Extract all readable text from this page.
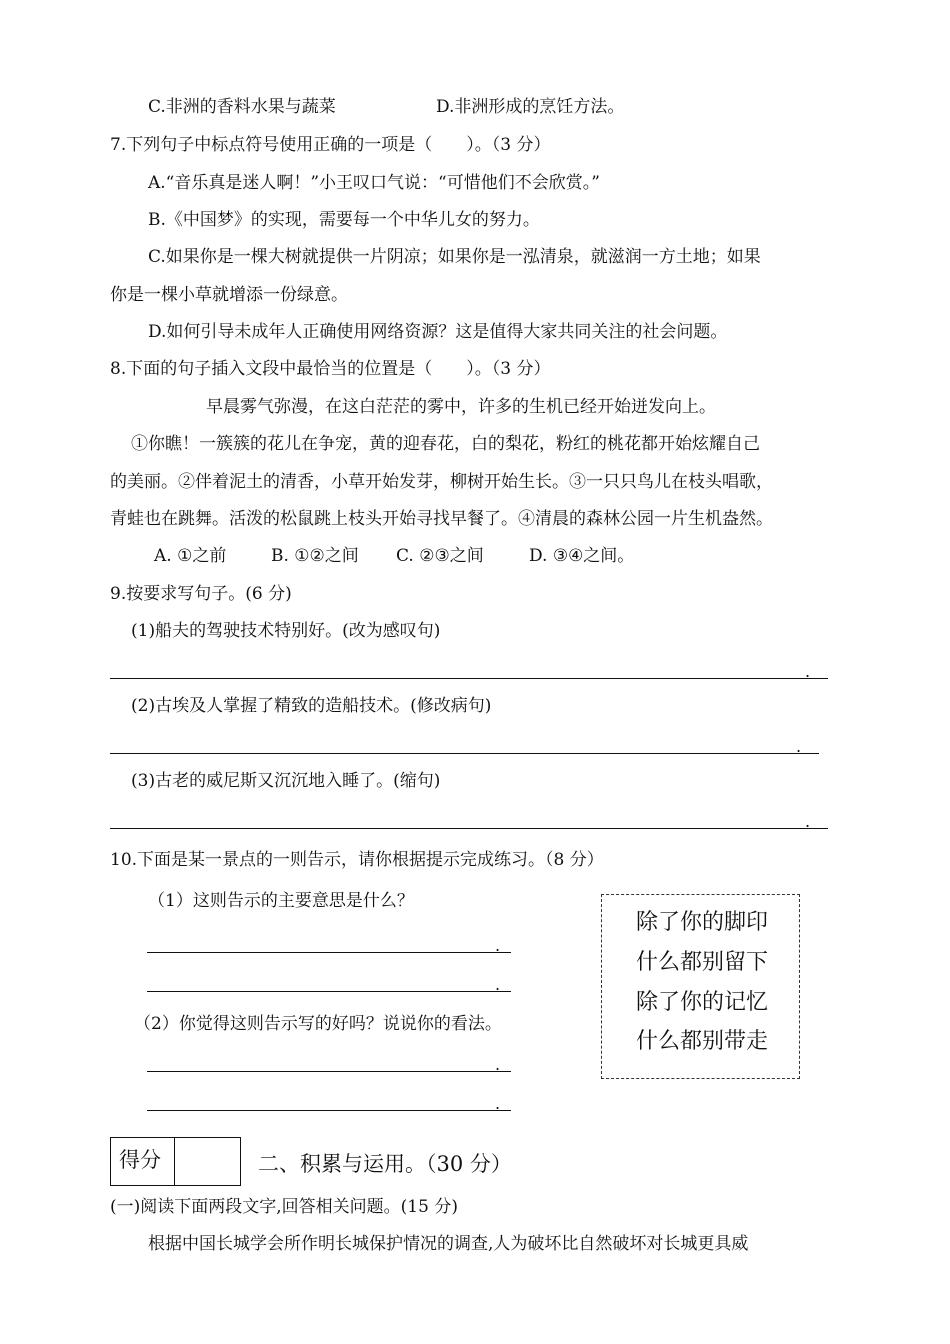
C.非洲的香料水果与蔬菜	D.非洲形成的烹饪方法。
7.下列句子中标点符号使用正确的一项是（　　）。（3 分）
A.“音乐真是迷人啊！”小王叹口气说：“可惜他们不会欣赏。”
B.《中国梦》的实现，需要每一个中华儿女的努力。
C.如果你是一棵大树就提供一片阴凉；如果你是一泓清泉，就滋润一方土地；如果
你是一棵小草就增添一份绿意。
D.如何引导未成年人正确使用网络资源？这是值得大家共同关注的社会问题。
8.下面的句子插入文段中最恰当的位置是（　　）。（3 分）
早晨雾气弥漫，在这白茫茫的雾中，许多的生机已经开始迸发向上。
①你瞧！一簇簇的花儿在争宠，黄的迎春花，白的梨花，粉红的桃花都开始炫耀自己
的美丽。②伴着泥土的清香，小草开始发芽，柳树开始生长。③一只只鸟儿在枝头唱歌，
青蛙也在跳舞。活泼的松鼠跳上枝头开始寻找早餐了。④清晨的森林公园一片生机盎然。
A. ①之前	B. ①②之间 C. ②③之间	D. ③④之间。
9.按要求写句子。(6 分)
(1)船夫的驾驶技术特别好。(改为感叹句)
.
(2)古埃及人掌握了精致的造船技术。(修改病句)
.
(3)古老的威尼斯又沉沉地入睡了。(缩句)
.
10.下面是某一景点的一则告示，请你根据提示完成练习。（8 分）
（1）这则告示的主要意思是什么？
.
.
（2）你觉得这则告示写的好吗？说说你的看法。
.
.
除了你的脚印
什么都别留下
除了你的记忆
什么都别带走
得分	二、积累与运用。（30 分）
(一)阅读下面两段文字,回答相关问题。(15 分)
根据中国长城学会所作明长城保护情况的调查,人为破坏比自然破坏对长城更具威
